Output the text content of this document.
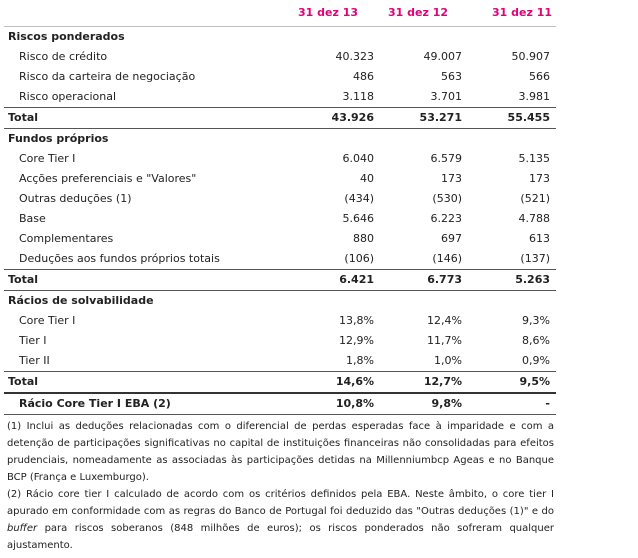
	31 dez 13	31 dez 12	31 dez 11
Riscos ponderados			
Risco de crédito	40.323	49.007	50.907
Risco da carteira de negociação	486	563	566
Risco operacional	3.118	3.701	3.981
Total	43.926	53.271	55.455
Fundos próprios			
Core Tier I	6.040	6.579	5.135
Acções preferenciais e "Valores"	40	173	173
Outras deduções (1)	(434)	(530)	(521)
Base	5.646	6.223	4.788
Complementares	880	697	613
Deduções aos fundos próprios totais	(106)	(146)	(137)
Total	6.421	6.773	5.263
Rácios de solvabilidade			
Core Tier I	13,8%	12,4%	9,3%
Tier I	12,9%	11,7%	8,6%
Tier II	1,8%	1,0%	0,9%
Total	14,6%	12,7%	9,5%
Rácio Core Tier I EBA (2)	10,8%	9,8%	-

(1) Inclui as deduções relacionadas com o diferencial de perdas esperadas face à imparidade e com a detenção de participações significativas no capital de instituições financeiras não consolidadas para efeitos prudenciais, nomeadamente as associadas às participações detidas na Millenniumbcp Ageas e no Banque BCP (França e Luxemburgo).

(2) Rácio core tier I calculado de acordo com os critérios definidos pela EBA. Neste âmbito, o core tier I apurado em conformidade com as regras do Banco de Portugal foi deduzido das "Outras deduções (1)" e do buffer para riscos soberanos (848 milhões de euros); os riscos ponderados não sofreram qualquer ajustamento.
